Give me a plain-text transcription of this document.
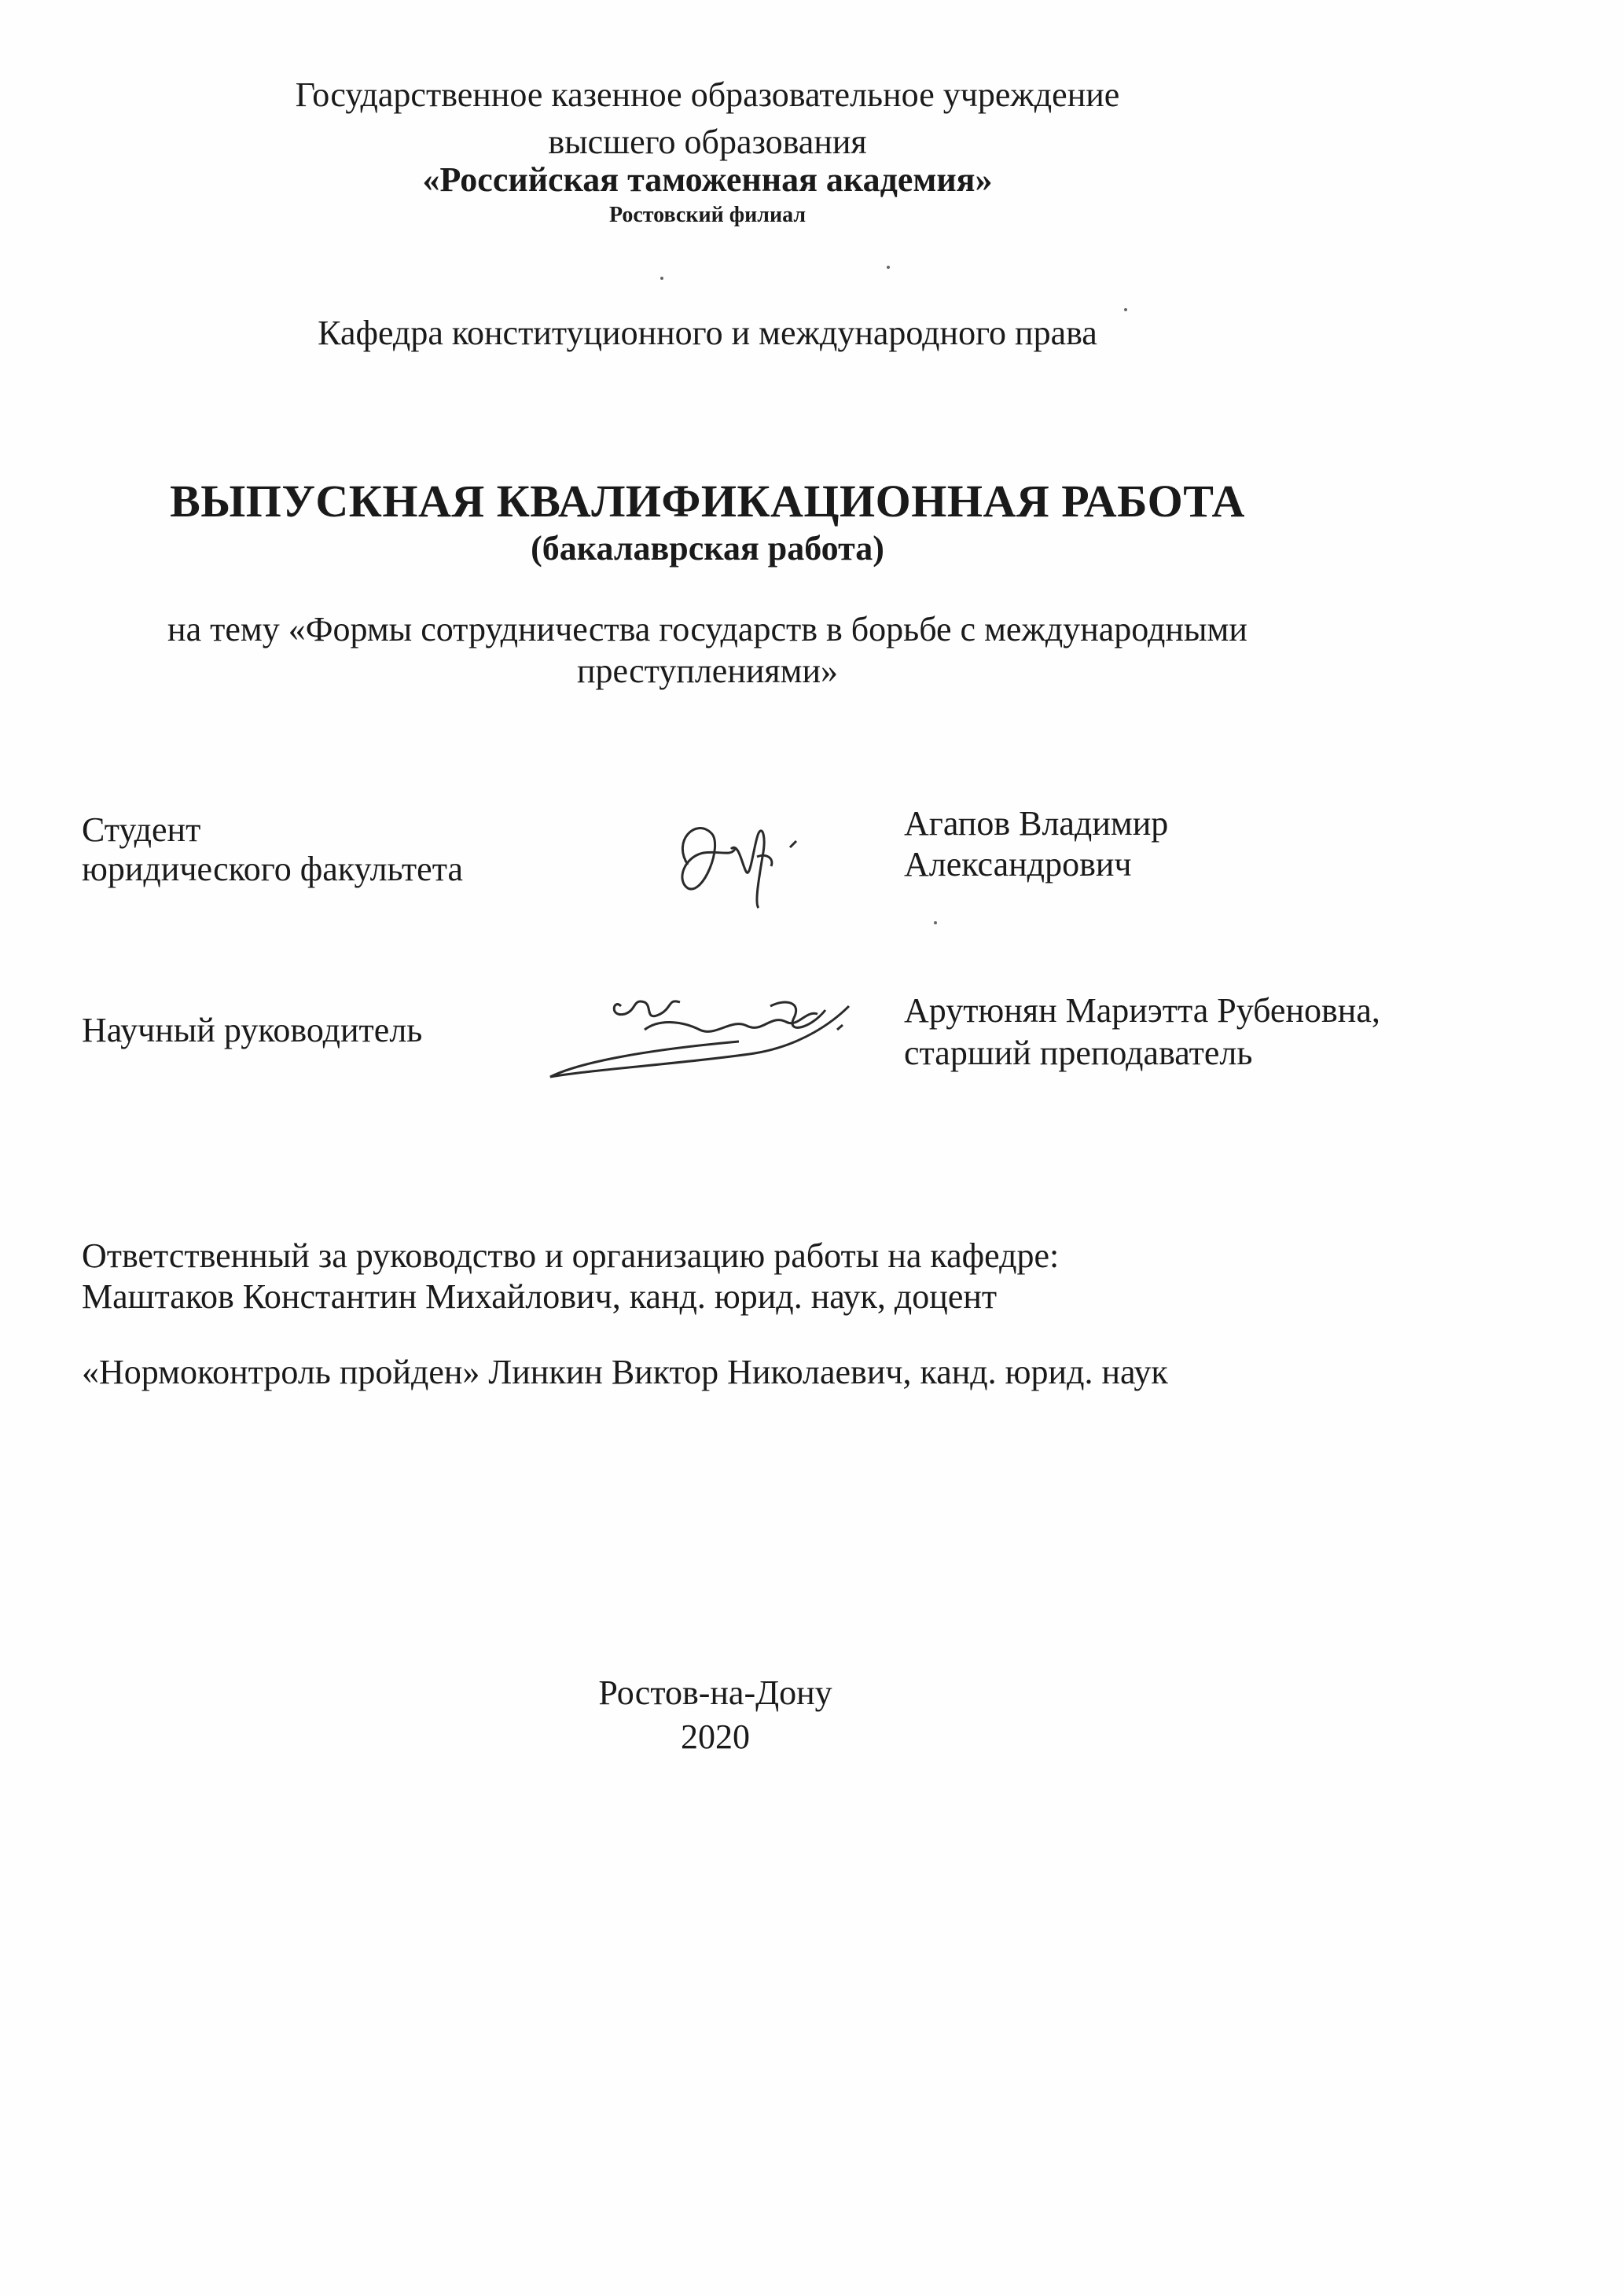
Государственное казенное образовательное учреждение
высшего образования
«Российская таможенная академия»
Ростовский филиал
Кафедра конституционного и международного права
ВЫПУСКНАЯ КВАЛИФИКАЦИОННАЯ РАБОТА
(бакалаврская работа)
на тему «Формы сотрудничества государств в борьбе с международными
преступлениями»
Студент
юридического факультета
Агапов Владимир
Александрович
Научный руководитель
Арутюнян Мариэтта Рубеновна,
старший преподаватель
Ответственный за руководство и организацию работы на кафедре:
Маштаков Константин Михайлович, канд. юрид. наук, доцент
«Нормоконтроль пройден» Линкин Виктор Николаевич, канд. юрид. наук
Ростов-на-Дону
2020
